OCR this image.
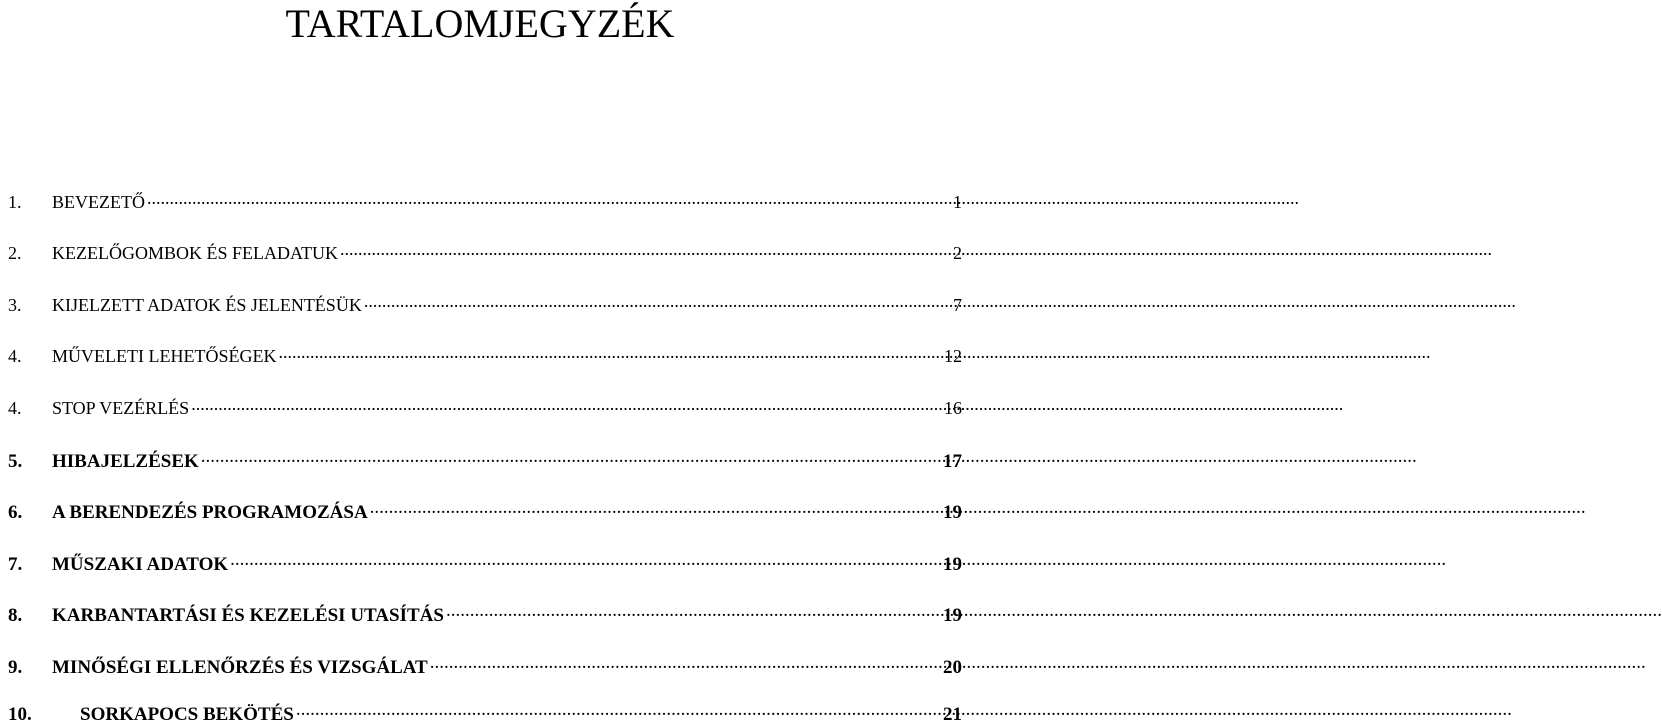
TARTALOMJEGYZÉK
1.	BEVEZETŐ .....	1
2.	KEZELŐGOMBOK ÉS FELADATUK .....	2
3.	KIJELZETT ADATOK ÉS JELENTÉSÜK .....	7
4.	MŰVELETI LEHETŐSÉGEK .....	12
4.	STOP VEZÉRLÉS .....	16
5.	HIBAJELZÉSEK .....	17
6.	A BERENDEZÉS PROGRAMOZÁSA .....	19
7.	MŰSZAKI ADATOK .....	19
8.	KARBANTARTÁSI ÉS KEZELÉSI UTASÍTÁS .....	19
9.	MINŐSÉGI ELLENŐRZÉS ÉS VIZSGÁLAT .....	20
10.	SORKAPOCS BEKÖTÉS .....	21
